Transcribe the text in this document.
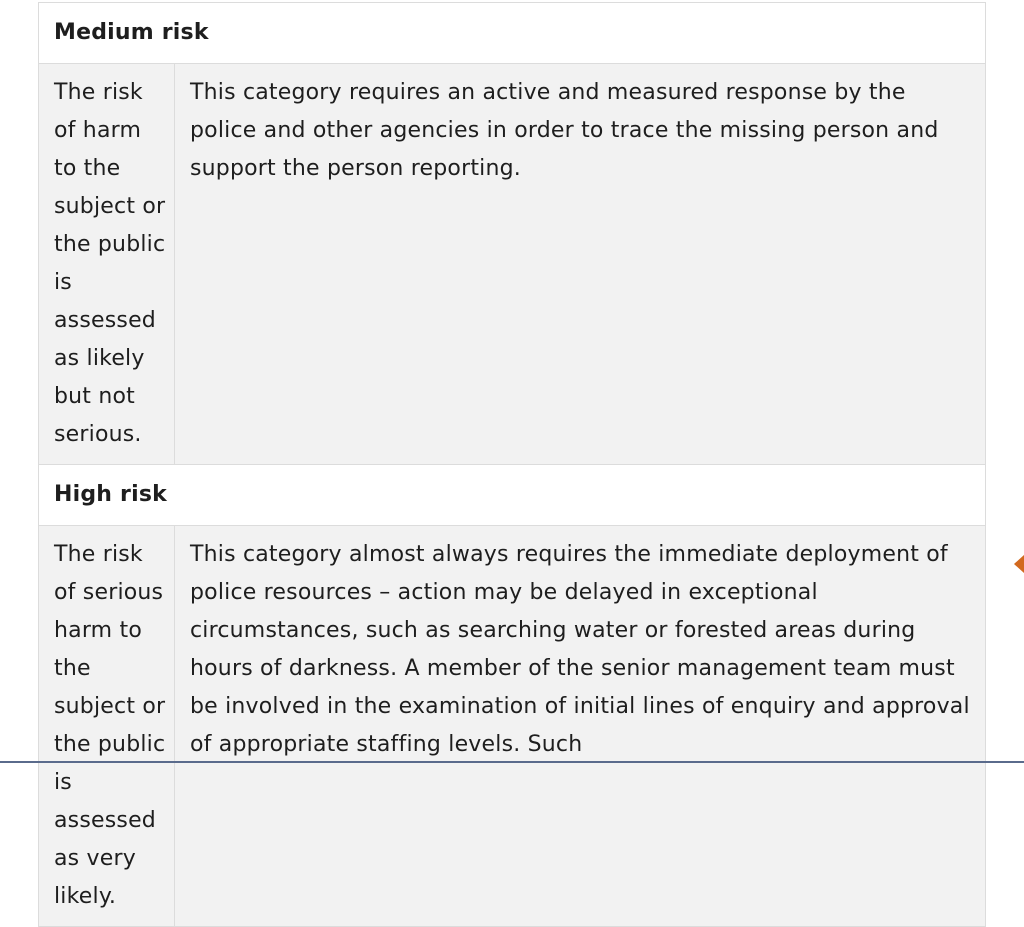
Medium risk	
The risk of harm to the subject or the public is assessed as likely but not serious.	This category requires an active and measured response by the police and other agencies in order to trace the missing person and support the person reporting.
High risk	
The risk of serious harm to the subject or the public is assessed as very likely.	This category almost always requires the immediate deployment of police resources – action may be delayed in exceptional circumstances, such as searching water or forested areas during hours of darkness. A member of the senior management team must be involved in the examination of initial lines of enquiry and approval of appropriate staffing levels. Such
